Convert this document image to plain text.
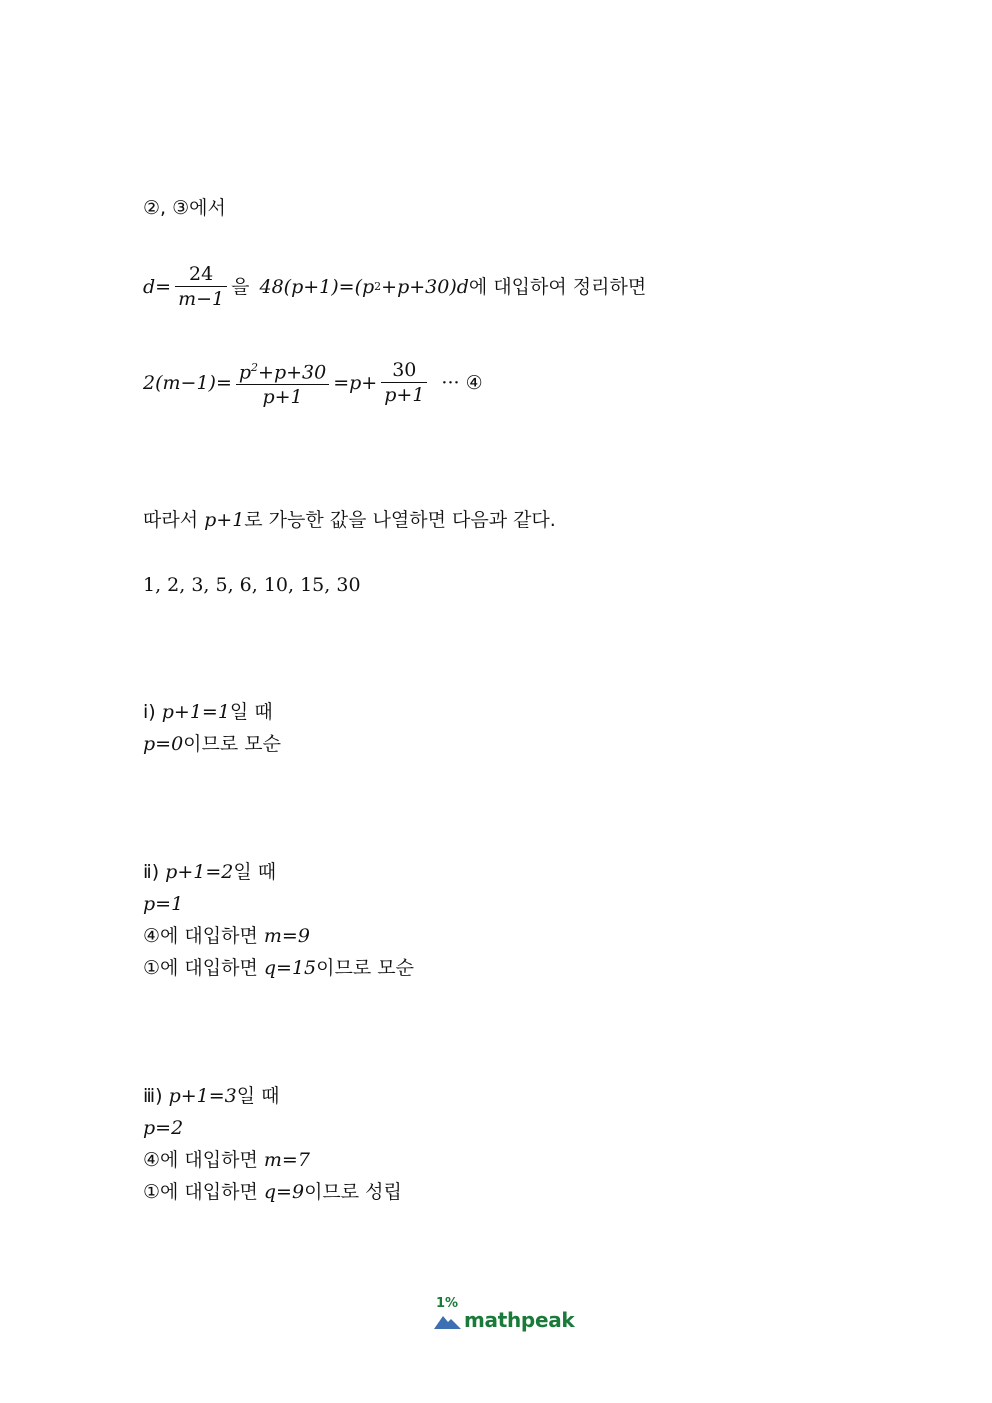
②, ③에서
$d= \frac{24}{m-1}$ 을 48(p+1)=(p 2 +p+30)d 에 대입하여 정리하면
$2(m-1)= \frac{p^2+p+30}{p+1} =p+ \frac{30}{p+1}$ ··· ④
따라서 p+1로 가능한 값을 나열하면 다음과 같다.
1, 2, 3, 5, 6, 10, 15, 30
ⅰ) p+1=1일 때
p=0이므로 모순
ⅱ) p+1=2일 때
p=1
④에 대입하면 m=9
①에 대입하면 q=15이므로 모순
ⅲ) p+1=3일 때
p=2
④에 대입하면 m=7
①에 대입하면 q=9이므로 성립
1%
mathpeak
